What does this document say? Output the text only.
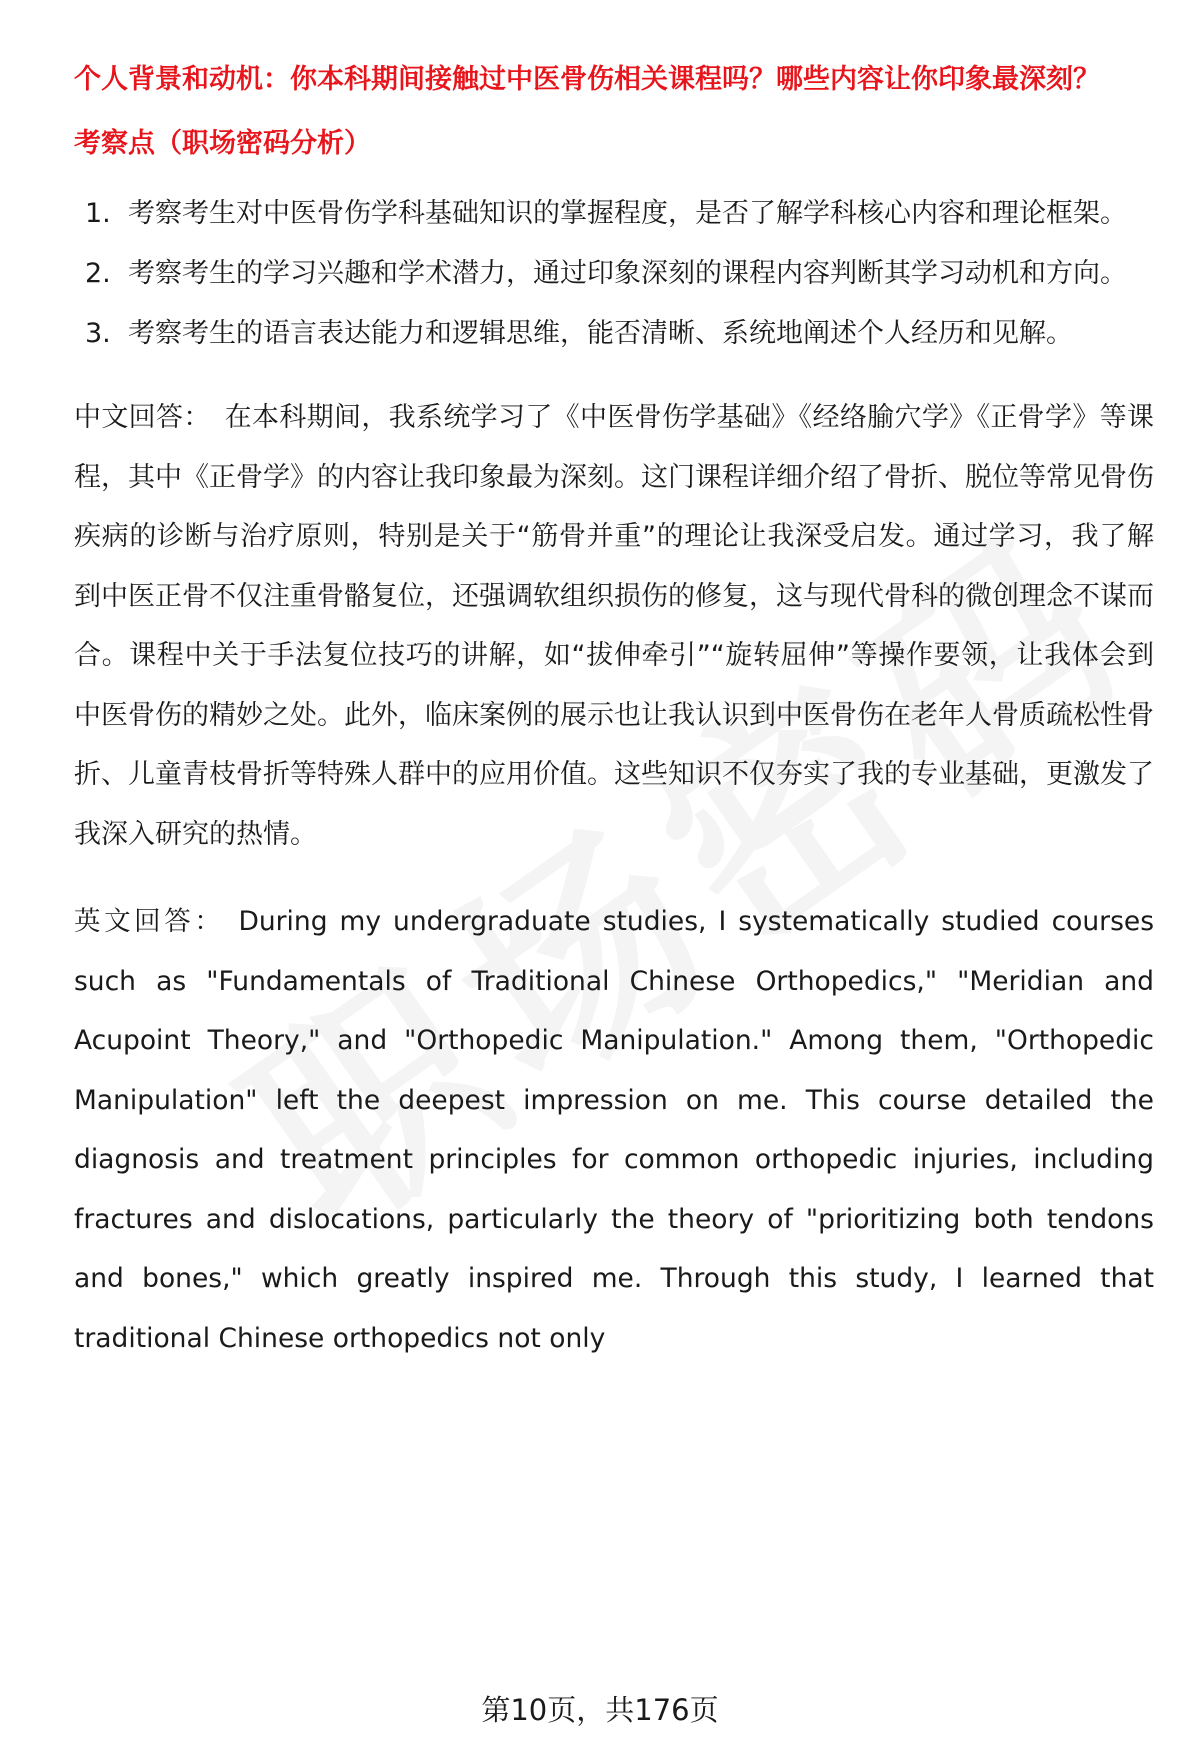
个人背景和动机：你本科期间接触过中医骨伤相关课程吗？哪些内容让你印象最深刻？

考察点（职场密码分析）

1. 考察考生对中医骨伤学科基础知识的掌握程度，是否了解学科核心内容和理论框架。
2. 考察考生的学习兴趣和学术潜力，通过印象深刻的课程内容判断其学习动机和方向。
3. 考察考生的语言表达能力和逻辑思维，能否清晰、系统地阐述个人经历和见解。

中文回答： 在本科期间，我系统学习了《中医骨伤学基础》《经络腧穴学》《正骨学》等课程，其中《正骨学》的内容让我印象最为深刻。这门课程详细介绍了骨折、脱位等常见骨伤疾病的诊断与治疗原则，特别是关于“筋骨并重”的理论让我深受启发。通过学习，我了解到中医正骨不仅注重骨骼复位，还强调软组织损伤的修复，这与现代骨科的微创理念不谋而合。课程中关于手法复位技巧的讲解，如“拔伸牵引”“旋转屈伸”等操作要领，让我体会到中医骨伤的精妙之处。此外，临床案例的展示也让我认识到中医骨伤在老年人骨质疏松性骨折、儿童青枝骨折等特殊人群中的应用价值。这些知识不仅夯实了我的专业基础，更激发了我深入研究的热情。

英文回答： During my undergraduate studies, I systematically studied courses such as "Fundamentals of Traditional Chinese Orthopedics," "Meridian and Acupoint Theory," and "Orthopedic Manipulation." Among them, "Orthopedic Manipulation" left the deepest impression on me. This course detailed the diagnosis and treatment principles for common orthopedic injuries, including fractures and dislocations, particularly the theory of "prioritizing both tendons and bones," which greatly inspired me. Through this study, I learned that traditional Chinese orthopedics not only

第10页，共176页
